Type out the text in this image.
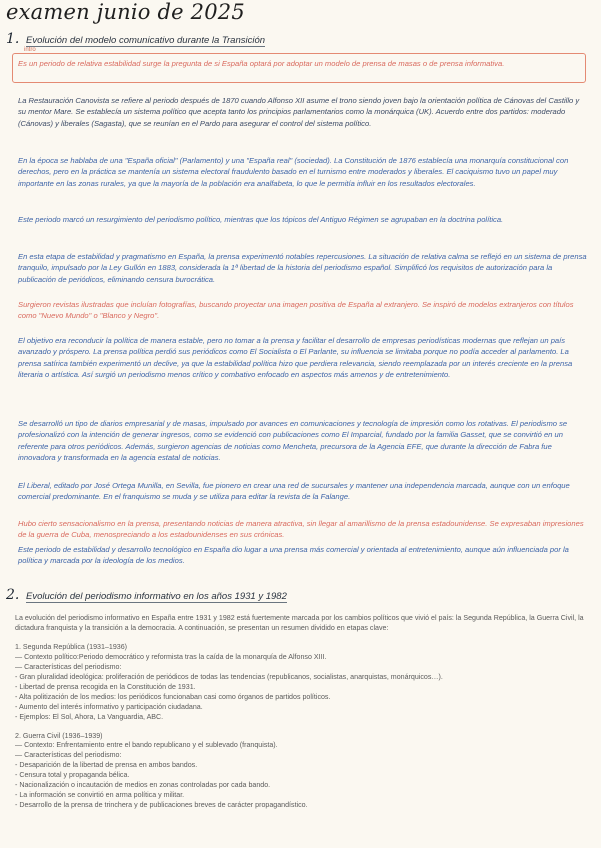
examen junio de 2025
1. Evolución del modelo comunicativo durante la Transición
intro
Es un periodo de relativa estabilidad surge la pregunta de si España optará por adoptar un modelo de prensa de masas o de prensa informativa.
La Restauración Canovista se refiere al periodo después de 1870 cuando Alfonso XII asume el trono siendo joven bajo la orientación política de Cánovas del Castillo y su mentor Mare. Se establecía un sistema político que acepta tanto los principios parlamentarios como la monárquica (UK). Acuerdo entre dos partidos: moderado (Cánovas) y liberales (Sagasta), que se reunían en el Pardo para asegurar el control del sistema político.
En la época se hablaba de una "España oficial" (Parlamento) y una "España real" (sociedad). La Constitución de 1876 establecía una monarquía constitucional con derechos, pero en la práctica se mantenía un sistema electoral fraudulento basado en el turnismo entre moderados y liberales. El caciquismo tuvo un papel muy importante en las zonas rurales, ya que la mayoría de la población era analfabeta, lo que le permitía influir en los resultados electorales.
Este periodo marcó un resurgimiento del periodismo político, mientras que los tópicos del Antiguo Régimen se agrupaban en la doctrina política.
En esta etapa de estabilidad y pragmatismo en España, la prensa experimentó notables repercusiones. La situación de relativa calma se reflejó en un sistema de prensa tranquilo, impulsado por la Ley Gullón en 1883, considerada la 1ª libertad de la historia del periodismo español. Simplificó los requisitos de autorización para la publicación de periódicos, eliminando censura burocrática.
Surgieron revistas ilustradas que incluían fotografías, buscando proyectar una imagen positiva de España al extranjero. Se inspiró de modelos extranjeros con títulos como "Nuevo Mundo" o "Blanco y Negro".
El objetivo era reconducir la política de manera estable, pero no tomar a la prensa y facilitar el desarrollo de empresas periodísticas modernas que reflejan un país avanzado y próspero. La prensa política perdió sus periódicos como El Socialista o El Parlante, su influencia se limitaba porque no podía acceder al parlamento. La prensa satírica también experimentó un declive, ya que la estabilidad política hizo que perdiera relevancia, siendo reemplazada por un interés creciente en la prensa literaria o artística. Así surgió un periodismo menos crítico y combativo enfocado en aspectos más amenos y de entretenimiento.
Se desarrolló un tipo de diarios empresarial y de masas, impulsado por avances en comunicaciones y tecnología de impresión como los rotativas. El periodismo se profesionalizó con la intención de generar ingresos, como se evidenció con publicaciones como El Imparcial, fundado por la familia Gasset, que se convirtió en un referente para otros periódicos. Además, surgieron agencias de noticias como Mencheta, precursora de la Agencia EFE, que durante la dirección de Fabra fue innovadora y transformada en la agencia estatal de noticias.
El Liberal, editado por José Ortega Munilla, en Sevilla, fue pionero en crear una red de sucursales y mantener una independencia marcada, aunque con un enfoque comercial predominante. En el franquismo se muda y se utiliza para editar la revista de la Falange.
Hubo cierto sensacionalismo en la prensa, presentando noticias de manera atractiva, sin llegar al amarillismo de la prensa estadounidense. Se expresaban impresiones de la guerra de Cuba, menospreciando a los estadounidenses en sus crónicas.
Este periodo de estabilidad y desarrollo tecnológico en España dio lugar a una prensa más comercial y orientada al entretenimiento, aunque aún influenciada por la política y marcada por la ideología de los medios.
2. Evolución del periodismo informativo en los años 1931 y 1982

La evolución del periodismo informativo en España entre 1931 y 1982 está fuertemente marcada por los cambios políticos que vivió el país: la Segunda República, la Guerra Civil, la dictadura franquista y la transición a la democracia. A continuación, se presentan un resumen dividido en etapas clave:

1. Segunda República (1931–1936)

— Contexto político:Periodo democrático y reformista tras la caída de la monarquía de Alfonso XIII.

— Características del periodismo:

- Gran pluralidad ideológica: proliferación de periódicos de todas las tendencias (republicanos, socialistas, anarquistas, monárquicos…).

- Libertad de prensa recogida en la Constitución de 1931.

- Alta politización de los medios: los periódicos funcionaban casi como órganos de partidos políticos.

- Aumento del interés informativo y participación ciudadana.

- Ejemplos: El Sol, Ahora, La Vanguardia, ABC.

2. Guerra Civil (1936–1939)

— Contexto: Enfrentamiento entre el bando republicano y el sublevado (franquista).

— Características del periodismo:

- Desaparición de la libertad de prensa en ambos bandos.

- Censura total y propaganda bélica.

- Nacionalización o incautación de medios en zonas controladas por cada bando.

- La información se convirtió en arma política y militar.

- Desarrollo de la prensa de trinchera y de publicaciones breves de carácter propagandístico.
